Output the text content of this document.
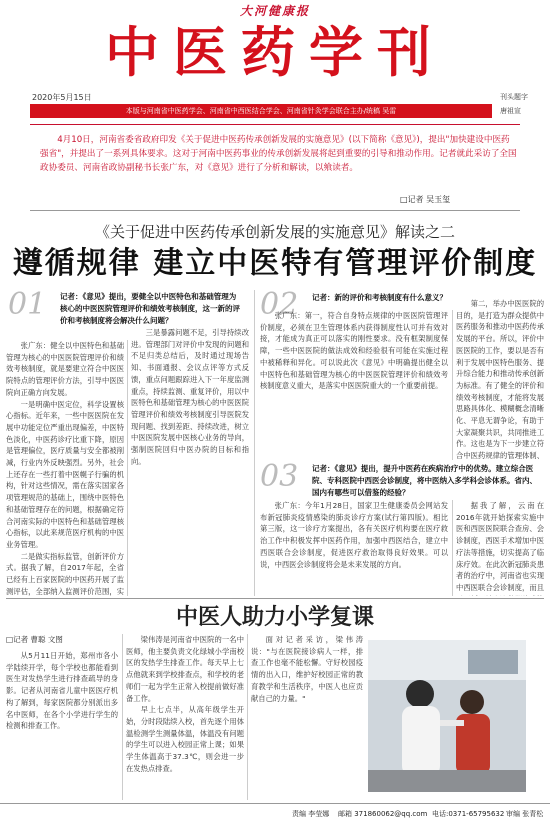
大河健康报
中医药学刊
2020年5月15日	刊头题字
唐祖宣
本版与河南省中医药学会、河南省中西医结合学会、河南省针灸学会联合主办/统稿 吴雷
4月10日，河南省委省政府印发《关于促进中医药传承创新发展的实施意见》(以下简称《意见》)，提出"加快建设中医药强省"，并提出了一系列具体要求。这对于河南中医药事业的传承创新发展将起到重要的引导和推动作用。记者就此采访了全国政协委员、河南省政协副秘书长张广东，对《意见》进行了分析和解读，以飨读者。
□记者 吴玉玺
《关于促进中医药传承创新发展的实施意见》解读之二
遵循规律 建立中医特有管理评价制度
01 记者：《意见》提出，要健全以中医特色和基础管理为核心的中医医院管理评价和绩效考核制度，这一新的评价和考核制度将会解决什么问题？

张广东：健全以中医特色和基础管理为核心的中医医院管理评价和绩效考核制度，就是要建立符合中医医院特点的管理评价方法，引导中医医院向正确方向发展。

一是明确中医定位，科学设置核心指标。近年来，一些中医医院在发展中功能定位严重出现偏差，中医特色淡化，中医药诊疗比重下降，原因是管理偏位，医疗质量与安全都被削减，行业内外反映强烈。另外，社会上还存在一些打着中医幌子行骗的机构，针对这些情况，需在落实国家各项管理规范的基础上，围绕中医特色和基础管理存在的问题，根据确定符合河南实际的中医特色和基础管理核心指标，以此来规范医疗机构的中医业务管理。

二是做实指标监管，创新评价方式。据我了解，自2017年起，全省已经有上百家医院的中医药开展了监测评估，全部纳入监测评价范围，实

三是暴露问题不足，引导持续改进。管理部门对评价中发现的问题和不足归类总结后，及时通过现场告知、书面通报、会议点评等方式反馈，重点问题跟踪进入下一年度监测重点，持续监测、重复评价，用以中医特色和基础管理为核心的中医医院管理评价和绩效考核制度引导医院发现问题、找到差距、持续改进，树立中医医院发展中医核心业务的导向，强制医院回归中医办院的目标和指向。

02 记者：新的评价和考核制度有什么意义？

张广东：第一，符合自身特点规律的中医医院管理评价制度，必须在卫生管理体系内获得制度性认可并有效对接，才能成为真正可以落实的刚性要求。没有框架制度保障，一些中医医院的做法成效和经验很有可能在实施过程中被稀释和异化。可以说此次《意见》中明确提出健全以中医特色和基础管理为核心的中医医院管理评价和绩效考核制度意义重大，是落实中医医院重大的一个重要前提。

第二，举办中医医院的目的，是打造为群众提供中医药服务和推动中医药传承发展的平台。所以，评价中医医院的工作，要以是否有利于发展中医特色服务、提升综合能力和推动传承创新为标准。有了健全的评价和绩效考核制度，才能将发展思路具体化、模糊概念清晰化、平息无谓争论，有助于大家凝聚共识，共同推进工作。这也是为下一步建立符合中医药规律的管理体制、

03 记者：《意见》提出，提升中医药在疾病治疗中的优势。建立综合医院、专科医院中西医会诊制度，将中医纳入多学科会诊体系。省内、国内有哪些可以借鉴的经验？

张广东：今年1月28日，国家卫生健康委员会网站发布新冠肺炎疫情感染的肺炎诊疗方案(试行第四版)。相比第三版，这一诊疗方案提出，各有关医疗机构要在医疗救治工作中积极发挥中医药作用，加强中西医结合，建立中西医联合会诊制度，促进医疗救治取得良好效果。可以说，中西医会诊制度将会是未来发展的方向。

据我了解，云南在2016年就开始探索实施中医和西医医院联合查房、会诊制度，西医手术增加中医疗法等措施，切实提高了临床疗效。在此次新冠肺炎患者的治疗中，河南省也实现中西医联合会诊制度，而且

中医人助力小学复课
□记者 曹聪 文图

从5月11日开始，郑州市各小学陆续开学，每个学校也都能看到医生对发热学生进行排查疏导的身影。记者从河南省儿童中医医疗机构了解到，每家医院都分别派出多名中医师，在各个小学进行学生的检测和排查工作。

梁伟涛是河南省中医院的一名中医师，他主要负责文化绿城小学南校区的发热学生排查工作。每天早上七点他就来到学校排查点，和学校的老师们一起为学生正常入校提前做好准备工作。

早上七点半，从高年级学生开始，分时段陆续入校，首先逐个用体温检测学生测量体温，体温没有问题的学生可以进入校园正常上课；如果学生体温高于37.3℃，则会进一步在发热点排查。

面对记者采访，梁伟涛说："与在医院接诊病人一样，排查工作也毫不能松懈。守好校园疫情的出入口，维护好校园正常的教育教学和生活秩序，中医人也应贡献自己的力量。"

责编 李莹娜 邮箱 371860062@qq.com 电话:0371-65795632 审编 张青松
